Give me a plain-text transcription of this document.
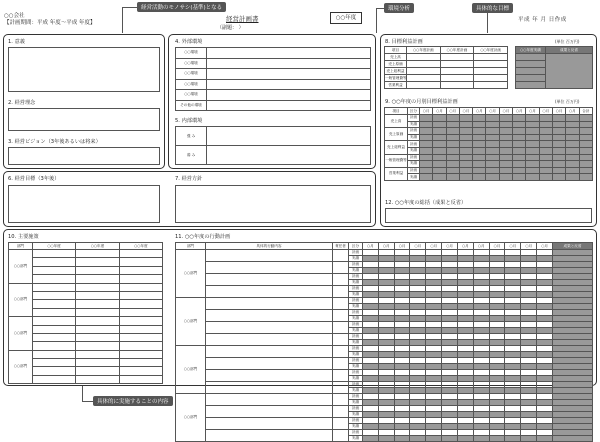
○○会社
【計画期間：平成 年度～平成 年度】	経営計画書
（副題： ）
○○年度	平成 年 月 日作成
経営活動のモノサシ(基準)となる	環境分析	具体的な目標
具体的に実施することの内容
1. 意義
2. 経営理念
3. 経営ビジョン（3年後あるいは将来）
4. 外部環境
○○環境	
○○環境	
○○環境	
○○環境	
○○環境	
その他の環境	
5. 内部環境
強 み	
弱 み	
6. 経営目標（3年後）	7. 経営方針
8. 目標利益計画	(単位 百万円)
項目	○○年度計画	○○年度計画	○○年度計画
売上高			
売上原価			
売上総利益			
一般管理費等			
営業利益			
○○年度実績	成果と反省

9. ○○年度の月別目標利益計画	(単位 百万円)
項目	区分	○月	○月	○月	○月	○月	○月	○月	○月	○月	○月	○月	○月	合計
売上高	計画													
	実績													
売上原価	計画													
	実績													
売上総利益	計画													
	実績													
一般管理費等	計画													
	実績													
営業利益	計画													
	実績													
12. ○○年度の総括（成果と反省）
10. 主要施策
部門	○○年度	○○年度	○○年度
○○部門			

○○部門			

○○部門			

○○部門			

11. ○○年度の行動計画
部門	具体的行動内容	責任者	区分	○月	○月	○月	○月	○月	○月	○月	○月	○月	○月	○月	○月	成果と反省
○○部門			計画													
			実績													
			計画													
			実績													
			計画													
			実績													
			計画													
			実績													
○○部門			計画													
			実績													
			計画													
			実績													
			計画													
			実績													
			計画													
			実績													
○○部門			計画													
			実績													
			計画													
			実績													
			計画													
			実績													
			計画													
			実績													
○○部門			計画													
			実績													
			計画													
			実績													
			計画													
			実績													
			計画													
			実績													
